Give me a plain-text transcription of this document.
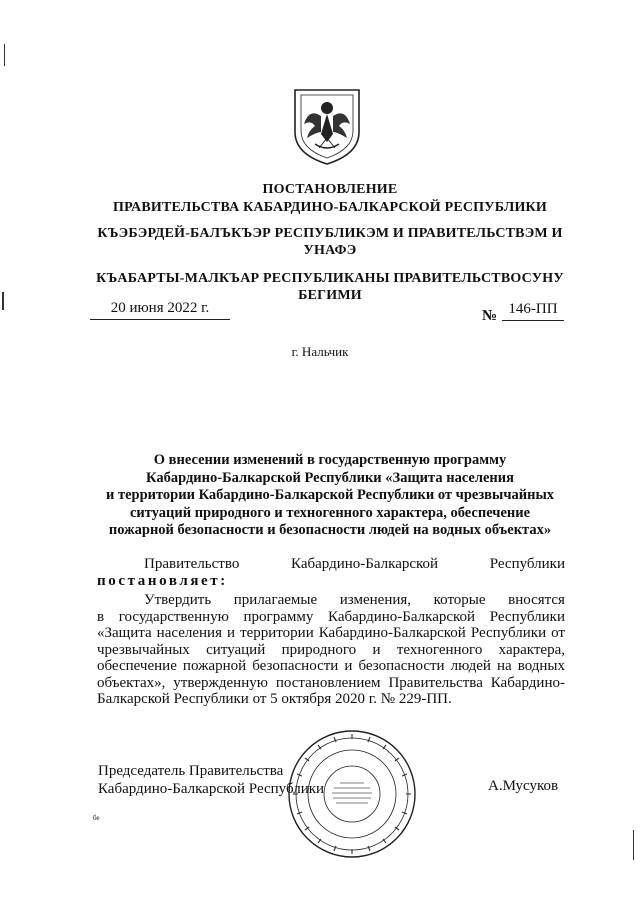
ПОСТАНОВЛЕНИЕ
ПРАВИТЕЛЬСТВА КАБАРДИНО-БАЛКАРСКОЙ РЕСПУБЛИКИ
КЪЭБЭРДЕЙ-БАЛЪКЪЭР РЕСПУБЛИКЭМ И ПРАВИТЕЛЬСТВЭМ И
УНАФЭ
КЪАБАРТЫ-МАЛКЪАР РЕСПУБЛИКАНЫ ПРАВИТЕЛЬСТВОСУНУ
БЕГИМИ
20 июня 2022 г.	№ 146-ПП
г. Нальчик
О внесении изменений в государственную программу
Кабардино-Балкарской Республики «Защита населения
и территории Кабардино-Балкарской Республики от чрезвычайных
ситуаций природного и техногенного характера, обеспечение
пожарной безопасности и безопасности людей на водных объектах»
Правительство	Кабардино-Балкарской	Республики
постановляет:
Утвердить прилагаемые изменения, которые вносятся
в государственную программу Кабардино-Балкарской Республики «Защита населения и территории Кабардино-Балкарской Республики от чрезвычайных ситуаций природного и техногенного характера, обеспечение пожарной безопасности и безопасности людей на водных объектах», утвержденную постановлением Правительства Кабардино-Балкарской Республики от 5 октября 2020 г. № 229-ПП.
Председатель Правительства
Кабардино-Балкарской Республики	А.Мусуков
бе
